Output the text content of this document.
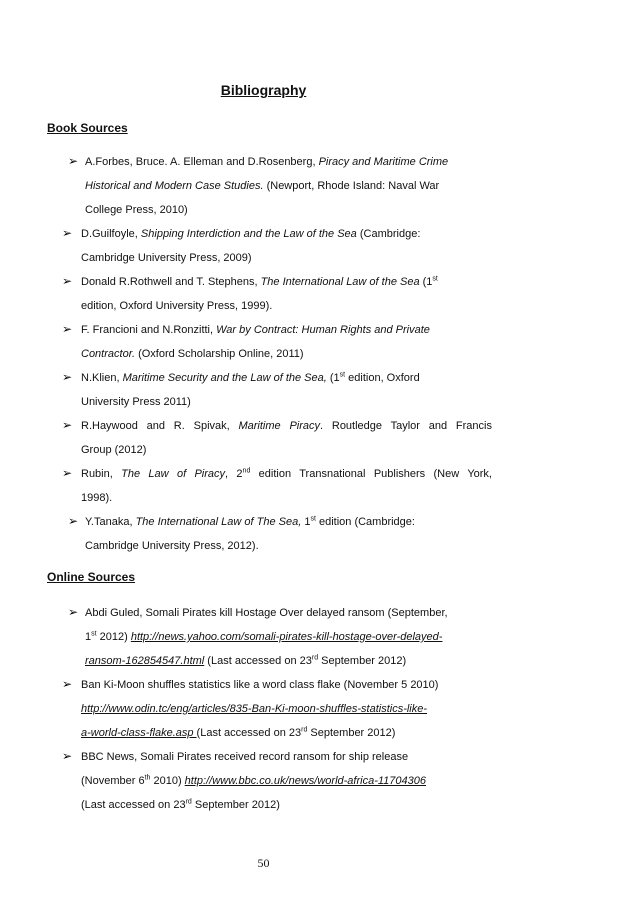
Bibliography
Book Sources
➢ A.Forbes, Bruce. A. Elleman and D.Rosenberg, Piracy and Maritime Crime
Historical and Modern Case Studies. (Newport, Rhode Island: Naval War
College Press, 2010)
➢ D.Guilfoyle, Shipping Interdiction and the Law of the Sea (Cambridge:
Cambridge University Press, 2009)
➢ Donald R.Rothwell and T. Stephens, The International Law of the Sea (1st
edition, Oxford University Press, 1999).
➢ F. Francioni and N.Ronzitti, War by Contract: Human Rights and Private
Contractor. (Oxford Scholarship Online, 2011)
➢ N.Klien, Maritime Security and the Law of the Sea, (1st edition, Oxford
University Press 2011)
➢ R.Haywood and R. Spivak, Maritime Piracy. Routledge Taylor and Francis
Group (2012)
➢ Rubin, The Law of Piracy, 2nd edition Transnational Publishers (New York,
1998).
➢ Y.Tanaka, The International Law of The Sea, 1st edition (Cambridge:
Cambridge University Press, 2012).
Online Sources
➢ Abdi Guled, Somali Pirates kill Hostage Over delayed ransom (September,
1st 2012) http://news.yahoo.com/somali-pirates-kill-hostage-over-delayed-
ransom-162854547.html (Last accessed on 23rd September 2012)
➢ Ban Ki-Moon shuffles statistics like a word class flake (November 5 2010)
http://www.odin.tc/eng/articles/835-Ban-Ki-moon-shuffles-statistics-like-
a-world-class-flake.asp (Last accessed on 23rd September 2012)
➢ BBC News, Somali Pirates received record ransom for ship release
(November 6th 2010) http://www.bbc.co.uk/news/world-africa-11704306
(Last accessed on 23rd September 2012)
50
